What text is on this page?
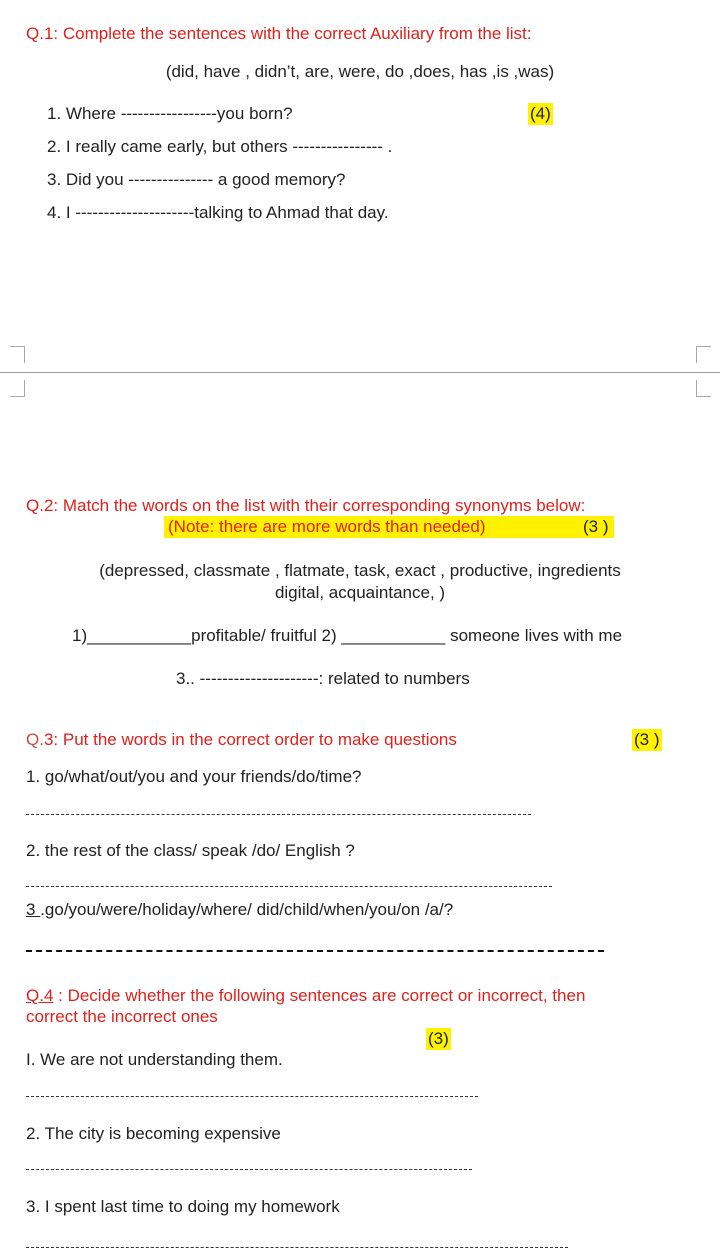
Q.1: Complete the sentences with the correct Auxiliary from the list:
(did, have , didn’t, are, were, do ,does, has ,is ,was)
1. Where -----------------you born?	(4)
2. I really came early, but others ---------------- .
3. Did you --------------- a good memory?
4. I ---------------------talking to Ahmad that day.
Q.2: Match the words on the list with their corresponding synonyms below:
(Note: there are more words than needed)	(3 )
(depressed, classmate , flatmate, task, exact , productive, ingredients
digital, acquaintance, )
1)___________profitable/ fruitful 2) ___________ someone lives with me
3.. ---------------------: related to numbers
Q.3: Put the words in the correct order to make questions	(3 )
1. go/what/out/you and your friends/do/time?
2. the rest of the class/ speak /do/ English ?
3 .go/you/were/holiday/where/ did/child/when/you/on /a/?
Q.4 : Decide whether the following sentences are correct or incorrect, then
correct the incorrect ones
(3)
I. We are not understanding them.
2. The city is becoming expensive
3. I spent last time to doing my homework
